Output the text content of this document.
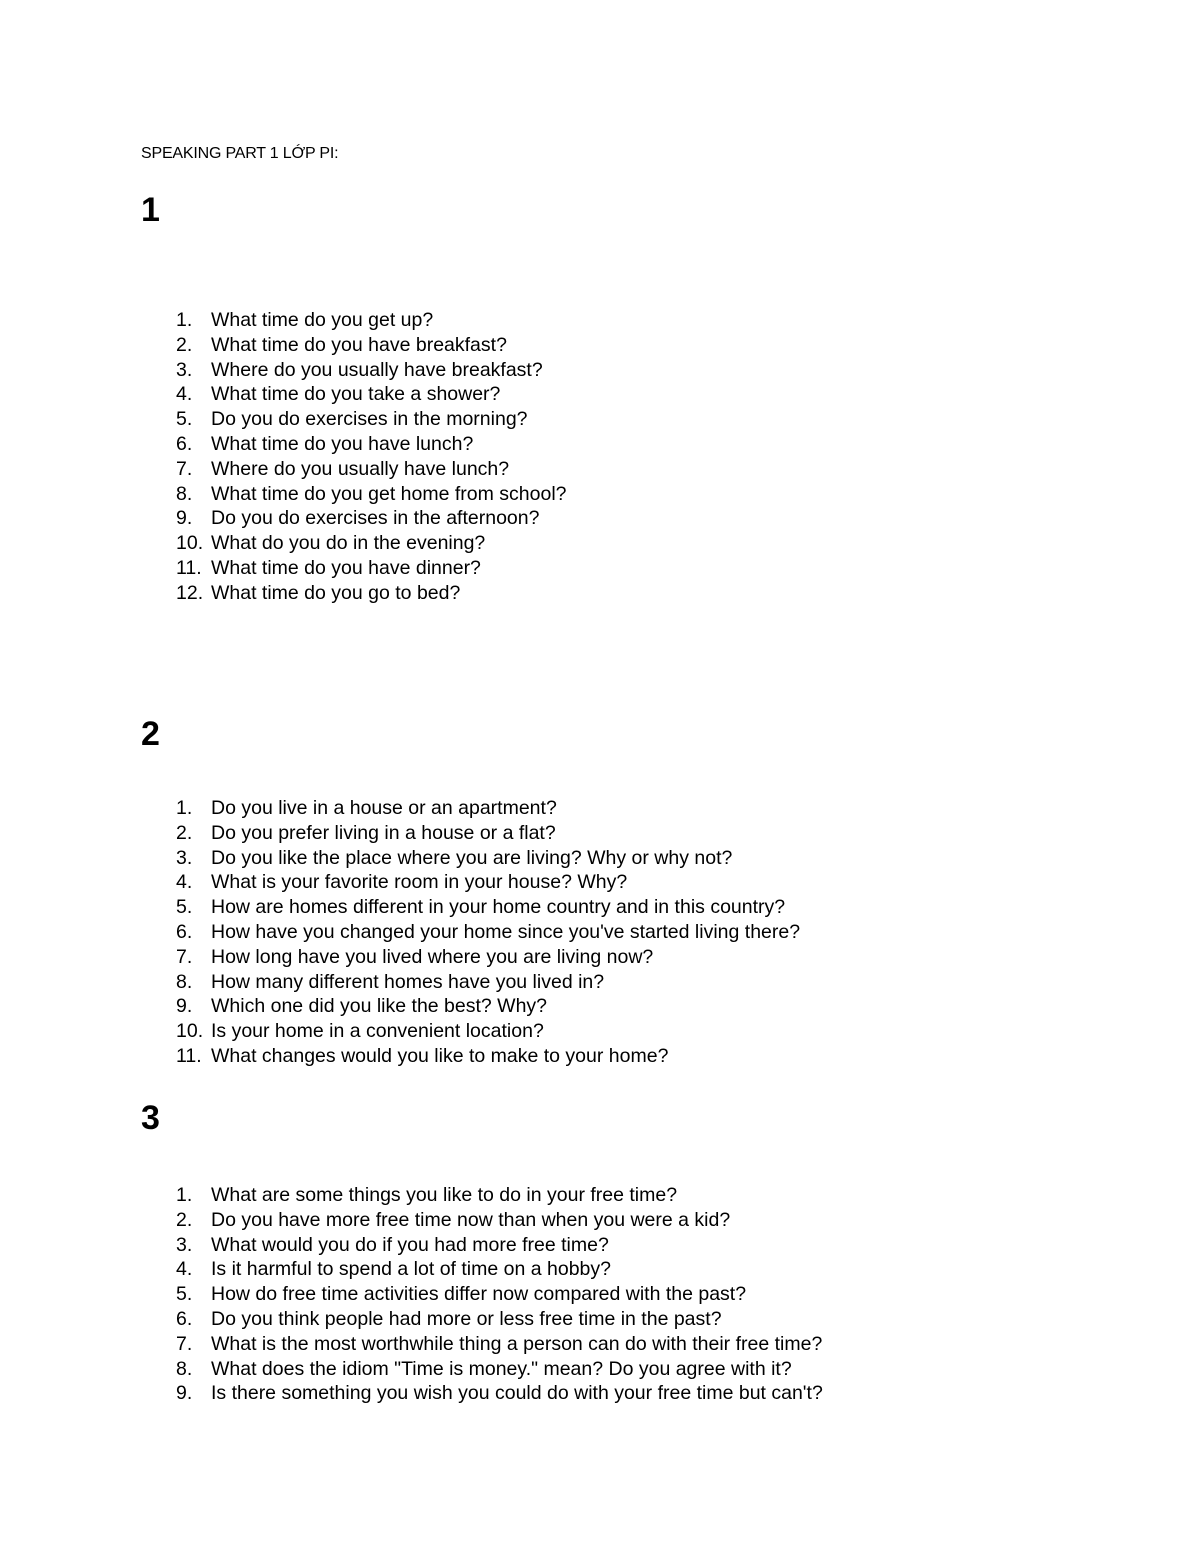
SPEAKING PART 1 LỚP PI:
1
1. What time do you get up?
2. What time do you have breakfast?
3. Where do you usually have breakfast?
4. What time do you take a shower?
5. Do you do exercises in the morning?
6. What time do you have lunch?
7. Where do you usually have lunch?
8. What time do you get home from school?
9. Do you do exercises in the afternoon?
10. What do you do in the evening?
11. What time do you have dinner?
12. What time do you go to bed?
2
1. Do you live in a house or an apartment?
2. Do you prefer living in a house or a flat?
3. Do you like the place where you are living? Why or why not?
4. What is your favorite room in your house? Why?
5. How are homes different in your home country and in this country?
6. How have you changed your home since you've started living there?
7. How long have you lived where you are living now?
8. How many different homes have you lived in?
9. Which one did you like the best? Why?
10. Is your home in a convenient location?
11. What changes would you like to make to your home?
3
1. What are some things you like to do in your free time?
2. Do you have more free time now than when you were a kid?
3. What would you do if you had more free time?
4. Is it harmful to spend a lot of time on a hobby?
5. How do free time activities differ now compared with the past?
6. Do you think people had more or less free time in the past?
7. What is the most worthwhile thing a person can do with their free time?
8. What does the idiom "Time is money." mean? Do you agree with it?
9. Is there something you wish you could do with your free time but can't?
